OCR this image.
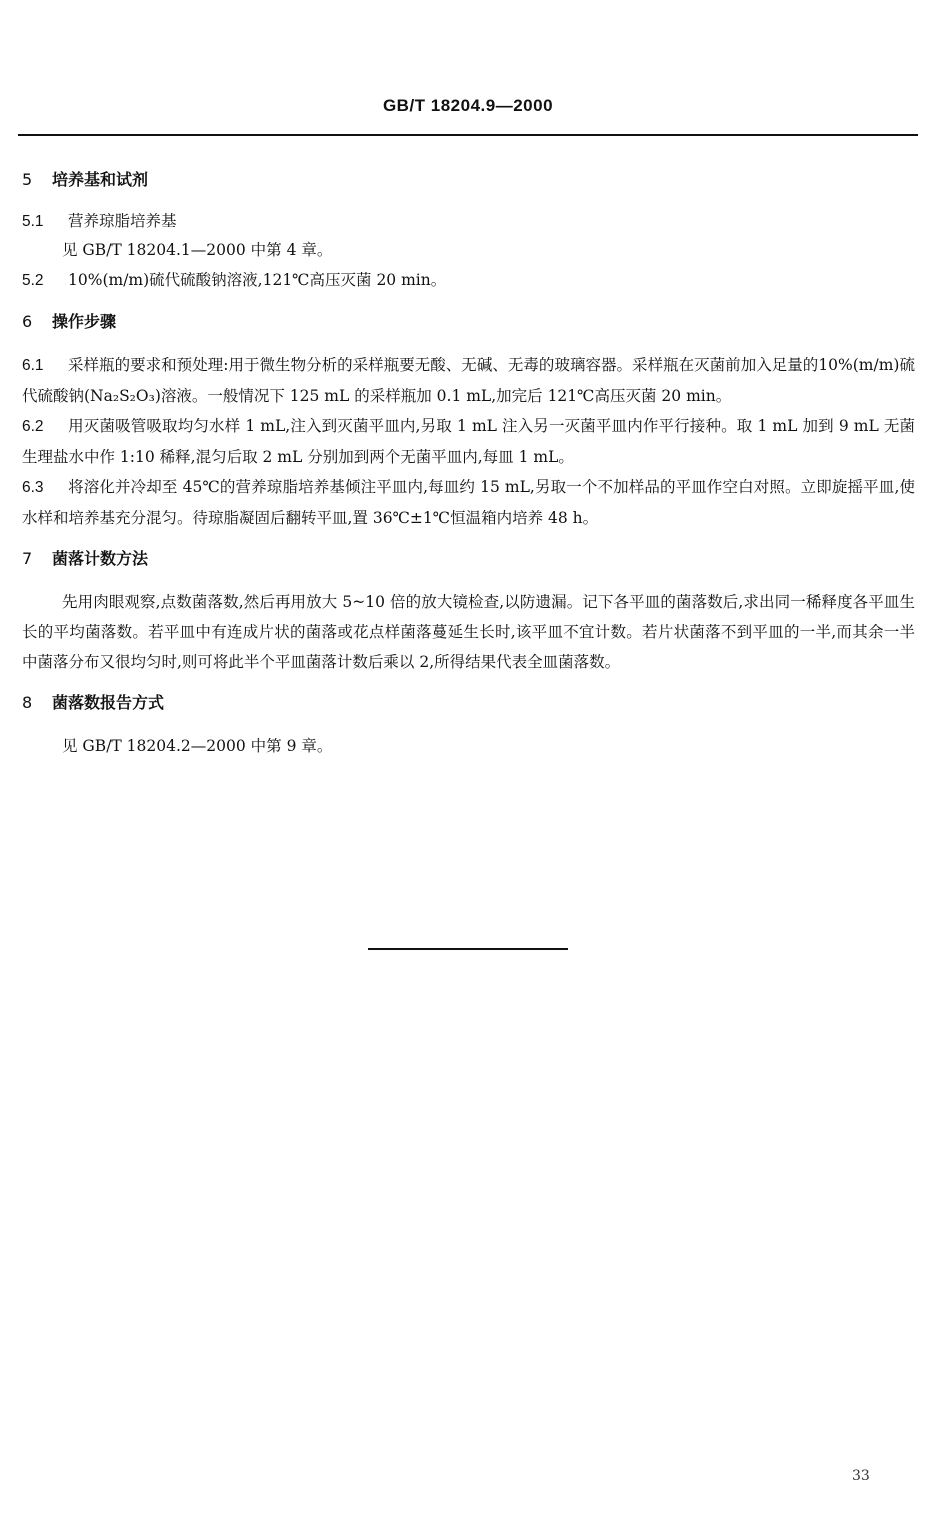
GB/T 18204.9—2000
5 培养基和试剂
5.1 营养琼脂培养基

见 GB/T 18204.1—2000 中第 4 章。

5.2 10%(m/m)硫代硫酸钠溶液,121℃高压灭菌 20 min。

6 操作步骤

6.1 采样瓶的要求和预处理:用于微生物分析的采样瓶要无酸、无碱、无毒的玻璃容器。采样瓶在灭菌前加入足量的10%(m/m)硫代硫酸钠(Na₂S₂O₃)溶液。一般情况下 125 mL 的采样瓶加 0.1 mL,加完后 121℃高压灭菌 20 min。

6.2 用灭菌吸管吸取均匀水样 1 mL,注入到灭菌平皿内,另取 1 mL 注入另一灭菌平皿内作平行接种。取 1 mL 加到 9 mL 无菌生理盐水中作 1:10 稀释,混匀后取 2 mL 分别加到两个无菌平皿内,每皿 1 mL。

6.3 将溶化并冷却至 45℃的营养琼脂培养基倾注平皿内,每皿约 15 mL,另取一个不加样品的平皿作空白对照。立即旋摇平皿,使水样和培养基充分混匀。待琼脂凝固后翻转平皿,置 36℃±1℃恒温箱内培养 48 h。

7 菌落计数方法

先用肉眼观察,点数菌落数,然后再用放大 5~10 倍的放大镜检查,以防遗漏。记下各平皿的菌落数后,求出同一稀释度各平皿生长的平均菌落数。若平皿中有连成片状的菌落或花点样菌落蔓延生长时,该平皿不宜计数。若片状菌落不到平皿的一半,而其余一半中菌落分布又很均匀时,则可将此半个平皿菌落计数后乘以 2,所得结果代表全皿菌落数。

8 菌落数报告方式

见 GB/T 18204.2—2000 中第 9 章。

33
